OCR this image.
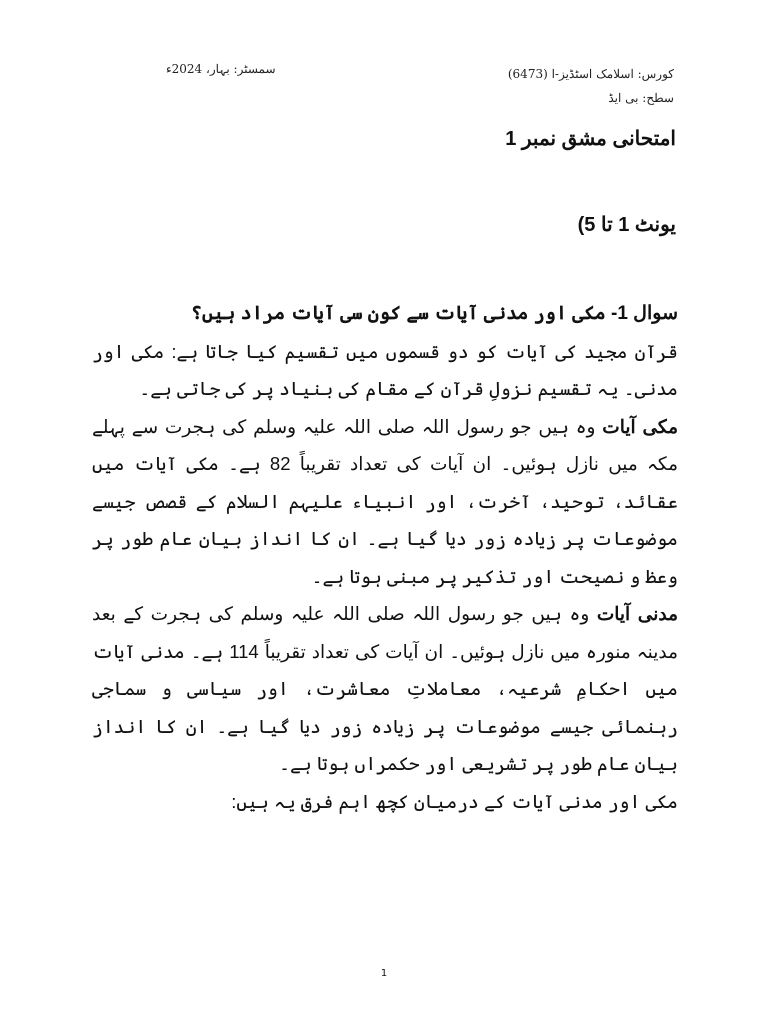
کورس: اسلامک اسٹڈیز-ا (6473)
سطح: بی ایڈ
سمسٹر: بہار، 2024ء
امتحانی مشق نمبر 1
یونٹ 1 تا 5)

سوال 1- مکی اور مدنی آیات سے کون سی آیات مراد ہیں؟

قرآن مجید کی آیات کو دو قسموں میں تقسیم کیا جاتا ہے: مکی اور مدنی۔ یہ تقسیم نزولِ قرآن کے مقام کی بنیاد پر کی جاتی ہے۔

مکی آیات وہ ہیں جو رسول اللہ صلی اللہ علیہ وسلم کی ہجرت سے پہلے مکہ میں نازل ہوئیں۔ ان آیات کی تعداد تقریباً 82 ہے۔ مکی آیات میں عقائد، توحید، آخرت، اور انبیاء علیہم السلام کے قصص جیسے موضوعات پر زیادہ زور دیا گیا ہے۔ ان کا انداز بیان عام طور پر وعظ و نصیحت اور تذکیر پر مبنی ہوتا ہے۔

مدنی آیات وہ ہیں جو رسول اللہ صلی اللہ علیہ وسلم کی ہجرت کے بعد مدینہ منورہ میں نازل ہوئیں۔ ان آیات کی تعداد تقریباً 114 ہے۔ مدنی آیات میں احکامِ شرعیہ، معاملاتِ معاشرت، اور سیاسی و سماجی رہنمائی جیسے موضوعات پر زیادہ زور دیا گیا ہے۔ ان کا انداز بیان عام طور پر تشریعی اور حکمراں ہوتا ہے۔

مکی اور مدنی آیات کے درمیان کچھ اہم فرق یہ ہیں:

1
